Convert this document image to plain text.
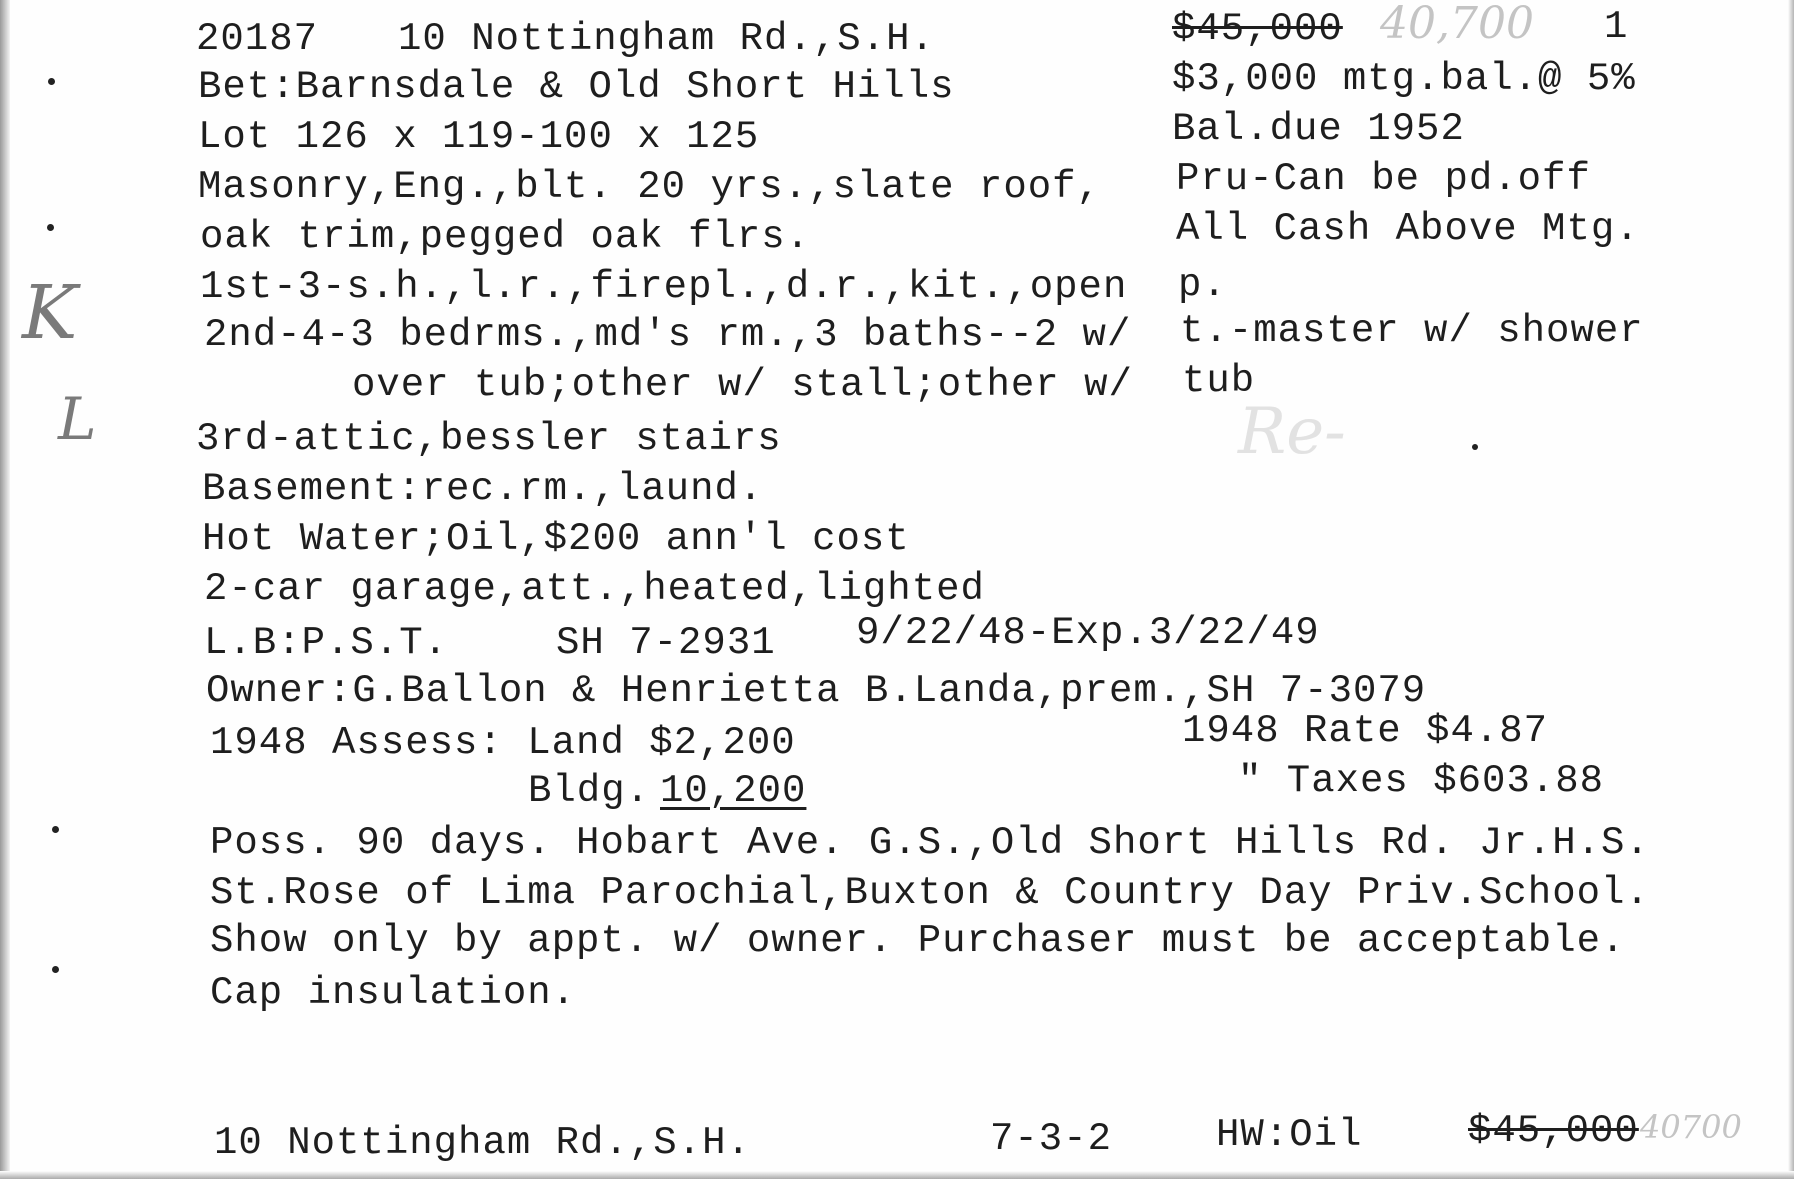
K
L	Re-
20187 10 Nottingham Rd.,S.H.	$45,000 40,700 1
Bet:Barnsdale & Old Short Hills
Lot 126 x 119-100 x 125
Masonry,Eng.,blt. 20 yrs.,slate roof,
oak trim,pegged oak flrs.
1st-3-s.h.,l.r.,firepl.,d.r.,kit.,open
2nd-4-3 bedrms.,md's rm.,3 baths--2 w/
over tub;other w/ stall;other w/
3rd-attic,bessler stairs
Basement:rec.rm.,laund.
Hot Water;Oil,$200 ann'l cost
2-car garage,att.,heated,lighted
$3,000 mtg.bal.@ 5%
Bal.due 1952
Pru-Can be pd.off
All Cash Above Mtg.
p.
t.-master w/ shower
tub
L.B:P.S.T.	SH 7-2931 9/22/48-Exp.3/22/49
Owner:G.Ballon & Henrietta B.Landa,prem.,SH 7-3079
1948 Assess: Land $2,200	1948 Rate $4.87
Bldg. 10,200	" Taxes $603.88
Poss. 90 days. Hobart Ave. G.S.,Old Short Hills Rd. Jr.H.S.
St.Rose of Lima Parochial,Buxton & Country Day Priv.School.
Show only by appt. w/ owner. Purchaser must be acceptable.
Cap insulation.
10 Nottingham Rd.,S.H.	7-3-2	HW:Oil	$45,000 40700
